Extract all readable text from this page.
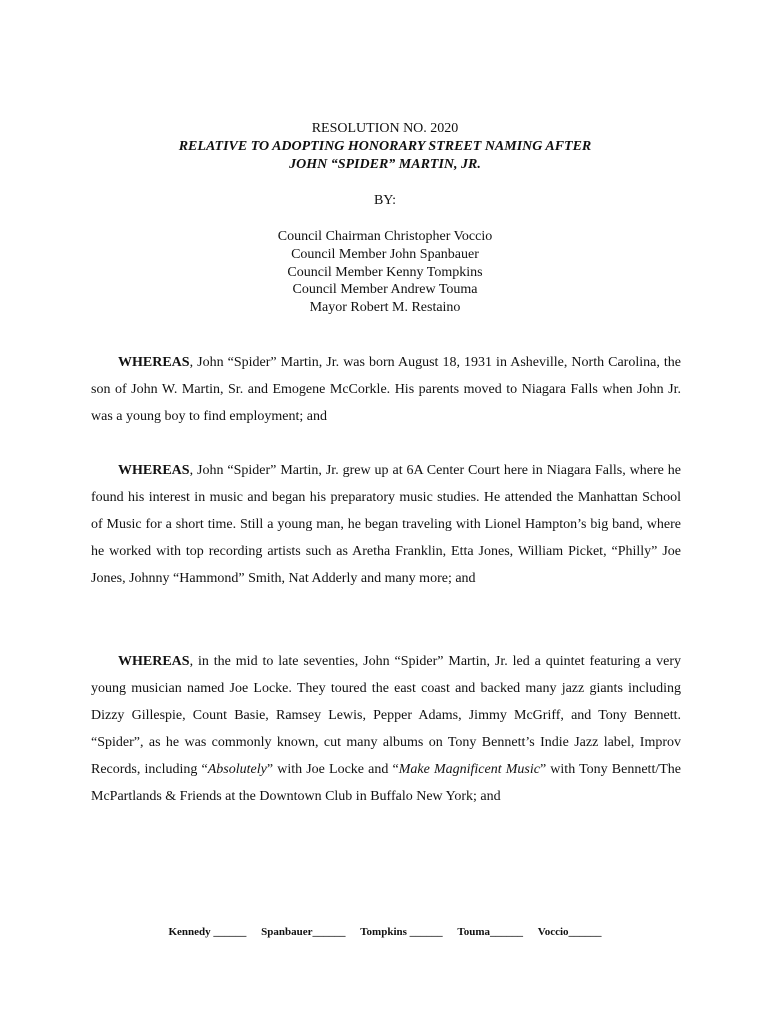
RESOLUTION NO. 2020
RELATIVE TO ADOPTING HONORARY STREET NAMING AFTER
JOHN “SPIDER” MARTIN, JR.
BY:
Council Chairman Christopher Voccio
Council Member John Spanbauer
Council Member Kenny Tompkins
Council Member Andrew Touma
Mayor Robert M. Restaino
WHEREAS, John “Spider” Martin, Jr. was born August 18, 1931 in Asheville, North Carolina, the son of John W. Martin, Sr. and Emogene McCorkle. His parents moved to Niagara Falls when John Jr. was a young boy to find employment; and
WHEREAS, John “Spider” Martin, Jr. grew up at 6A Center Court here in Niagara Falls, where he found his interest in music and began his preparatory music studies. He attended the Manhattan School of Music for a short time. Still a young man, he began traveling with Lionel Hampton’s big band, where he worked with top recording artists such as Aretha Franklin, Etta Jones, William Picket, “Philly” Joe Jones, Johnny “Hammond” Smith, Nat Adderly and many more; and
WHEREAS, in the mid to late seventies, John “Spider” Martin, Jr. led a quintet featuring a very young musician named Joe Locke. They toured the east coast and backed many jazz giants including Dizzy Gillespie, Count Basie, Ramsey Lewis, Pepper Adams, Jimmy McGriff, and Tony Bennett. “Spider”, as he was commonly known, cut many albums on Tony Bennett’s Indie Jazz label, Improv Records, including “Absolutely” with Joe Locke and “Make Magnificent Music” with Tony Bennett/The McPartlands & Friends at the Downtown Club in Buffalo New York; and
Kennedy ______ Spanbauer______ Tompkins ______ Touma______ Voccio______
